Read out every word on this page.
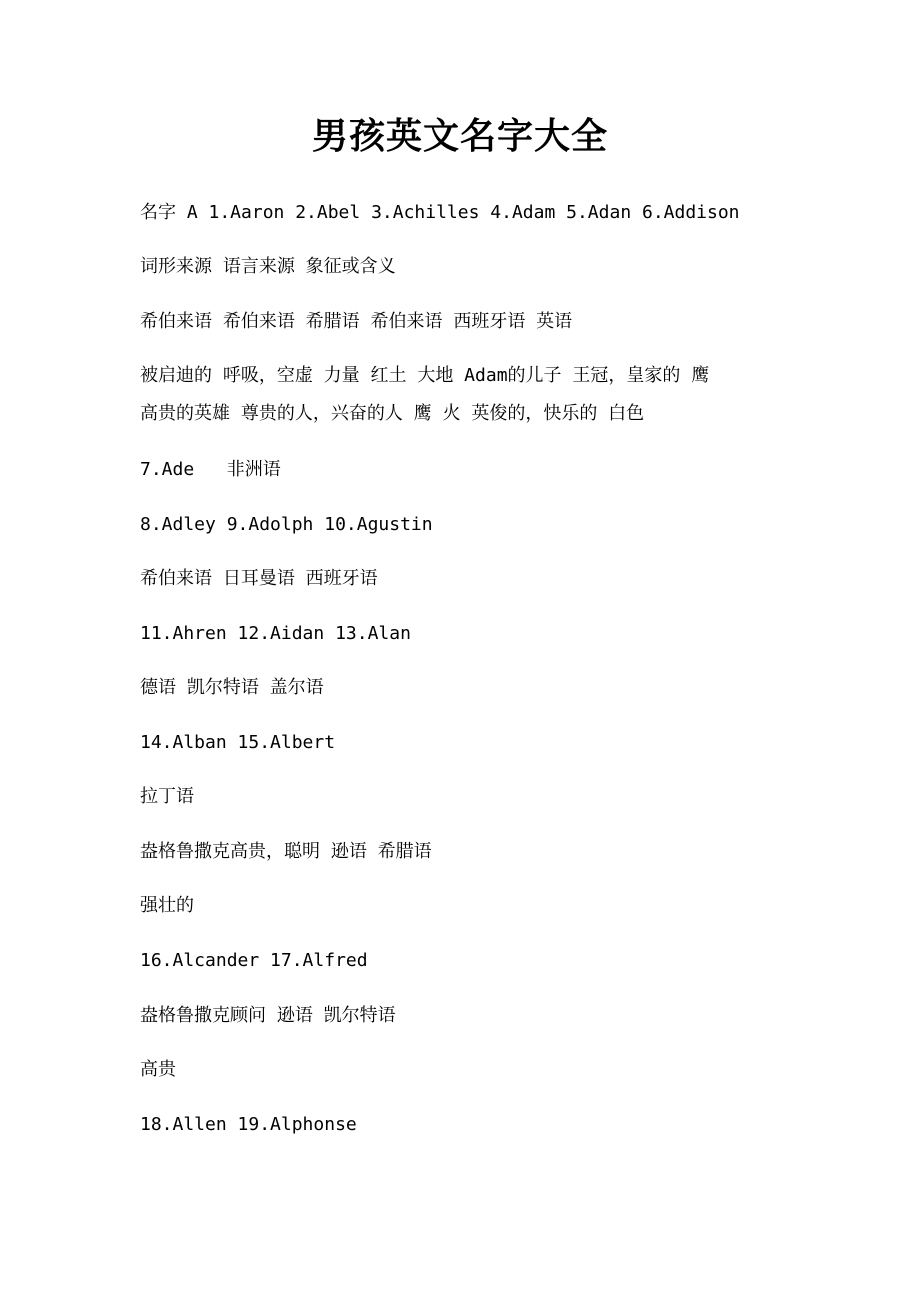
男孩英文名字大全
名字 A 1.Aaron 2.Abel 3.Achilles 4.Adam 5.Adan 6.Addison
词形来源 语言来源 象征或含义
希伯来语 希伯来语 希腊语 希伯来语 西班牙语 英语
被启迪的 呼吸，空虚 力量 红土 大地 Adam的儿子 王冠，皇家的 鹰
高贵的英雄 尊贵的人，兴奋的人 鹰 火 英俊的，快乐的 白色
7.Ade   非洲语
8.Adley 9.Adolph 10.Agustin
希伯来语 日耳曼语 西班牙语
11.Ahren 12.Aidan 13.Alan
德语 凯尔特语 盖尔语
14.Alban 15.Albert
拉丁语
盎格鲁撒克高贵，聪明 逊语 希腊语
强壮的
16.Alcander 17.Alfred
盎格鲁撒克顾问 逊语 凯尔特语
高贵
18.Allen 19.Alphonse
